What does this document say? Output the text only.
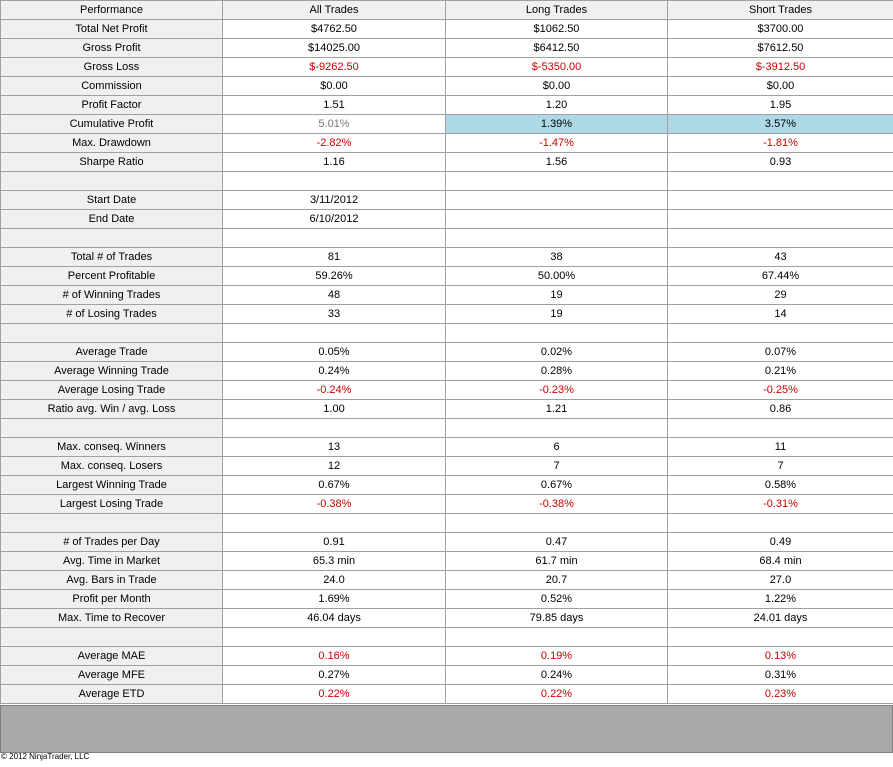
Performance	All Trades	Long Trades	Short Trades
Total Net Profit	$4762.50	$1062.50	$3700.00
Gross Profit	$14025.00	$6412.50	$7612.50
Gross Loss	$-9262.50	$-5350.00	$-3912.50
Commission	$0.00	$0.00	$0.00
Profit Factor	1.51	1.20	1.95
Cumulative Profit	5.01%	1.39%	3.57%
Max. Drawdown	-2.82%	-1.47%	-1.81%
Sharpe Ratio	1.16	1.56	0.93

Start Date	3/11/2012		
End Date	6/10/2012		

Total # of Trades	81	38	43
Percent Profitable	59.26%	50.00%	67.44%
# of Winning Trades	48	19	29
# of Losing Trades	33	19	14

Average Trade	0.05%	0.02%	0.07%
Average Winning Trade	0.24%	0.28%	0.21%
Average Losing Trade	-0.24%	-0.23%	-0.25%
Ratio avg. Win / avg. Loss	1.00	1.21	0.86

Max. conseq. Winners	13	6	11
Max. conseq. Losers	12	7	7
Largest Winning Trade	0.67%	0.67%	0.58%
Largest Losing Trade	-0.38%	-0.38%	-0.31%

# of Trades per Day	0.91	0.47	0.49
Avg. Time in Market	65.3 min	61.7 min	68.4 min
Avg. Bars in Trade	24.0	20.7	27.0
Profit per Month	1.69%	0.52%	1.22%
Max. Time to Recover	46.04 days	79.85 days	24.01 days

Average MAE	0.16%	0.19%	0.13%
Average MFE	0.27%	0.24%	0.31%
Average ETD	0.22%	0.22%	0.23%
© 2012 NinjaTrader, LLC
